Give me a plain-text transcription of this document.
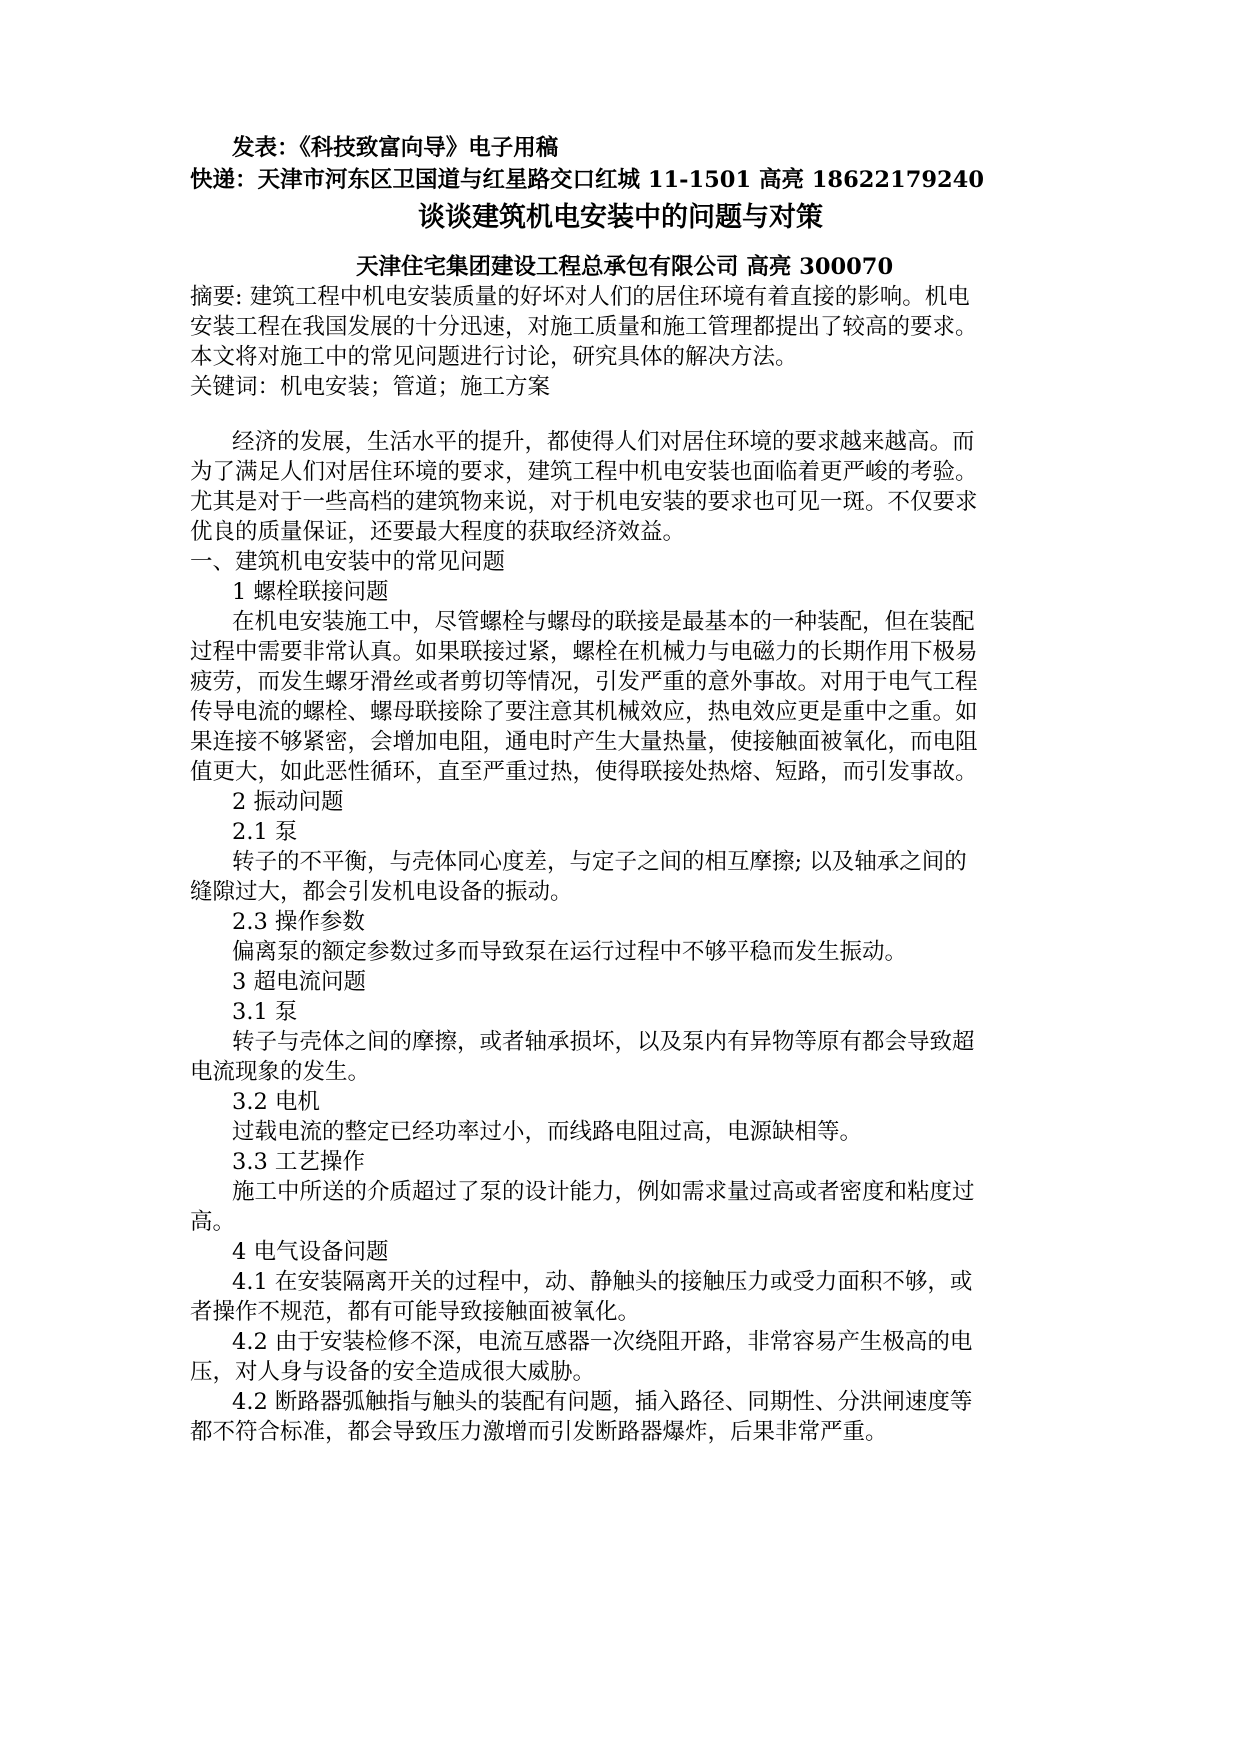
发表：《科技致富向导》电子用稿
快递：天津市河东区卫国道与红星路交口红城 11-1501 高亮 18622179240
谈谈建筑机电安装中的问题与对策
天津住宅集团建设工程总承包有限公司 高亮 300070
摘要: 建筑工程中机电安装质量的好坏对人们的居住环境有着直接的影响。机电
安装工程在我国发展的十分迅速，对施工质量和施工管理都提出了较高的要求。
本文将对施工中的常见问题进行讨论，研究具体的解决方法。
关键词：机电安装；管道；施工方案
经济的发展，生活水平的提升，都使得人们对居住环境的要求越来越高。而
为了满足人们对居住环境的要求，建筑工程中机电安装也面临着更严峻的考验。
尤其是对于一些高档的建筑物来说，对于机电安装的要求也可见一斑。不仅要求
优良的质量保证，还要最大程度的获取经济效益。
一、建筑机电安装中的常见问题
1 螺栓联接问题
在机电安装施工中，尽管螺栓与螺母的联接是最基本的一种装配，但在装配
过程中需要非常认真。如果联接过紧，螺栓在机械力与电磁力的长期作用下极易
疲劳，而发生螺牙滑丝或者剪切等情况，引发严重的意外事故。对用于电气工程
传导电流的螺栓、螺母联接除了要注意其机械效应，热电效应更是重中之重。如
果连接不够紧密，会增加电阻，通电时产生大量热量，使接触面被氧化，而电阻
值更大，如此恶性循环，直至严重过热，使得联接处热熔、短路，而引发事故。
2 振动问题
2.1 泵
转子的不平衡，与壳体同心度差，与定子之间的相互摩擦; 以及轴承之间的
缝隙过大，都会引发机电设备的振动。
2.3 操作参数
偏离泵的额定参数过多而导致泵在运行过程中不够平稳而发生振动。
3 超电流问题
3.1 泵
转子与壳体之间的摩擦，或者轴承损坏，以及泵内有异物等原有都会导致超
电流现象的发生。
3.2 电机
过载电流的整定已经功率过小，而线路电阻过高，电源缺相等。
3.3 工艺操作
施工中所送的介质超过了泵的设计能力，例如需求量过高或者密度和粘度过
高。
4 电气设备问题
4.1 在安装隔离开关的过程中，动、静触头的接触压力或受力面积不够，或
者操作不规范，都有可能导致接触面被氧化。
4.2 由于安装检修不深，电流互感器一次绕阻开路，非常容易产生极高的电
压，对人身与设备的安全造成很大威胁。
4.2 断路器弧触指与触头的装配有问题，插入路径、同期性、分洪闸速度等
都不符合标准，都会导致压力激增而引发断路器爆炸，后果非常严重。
